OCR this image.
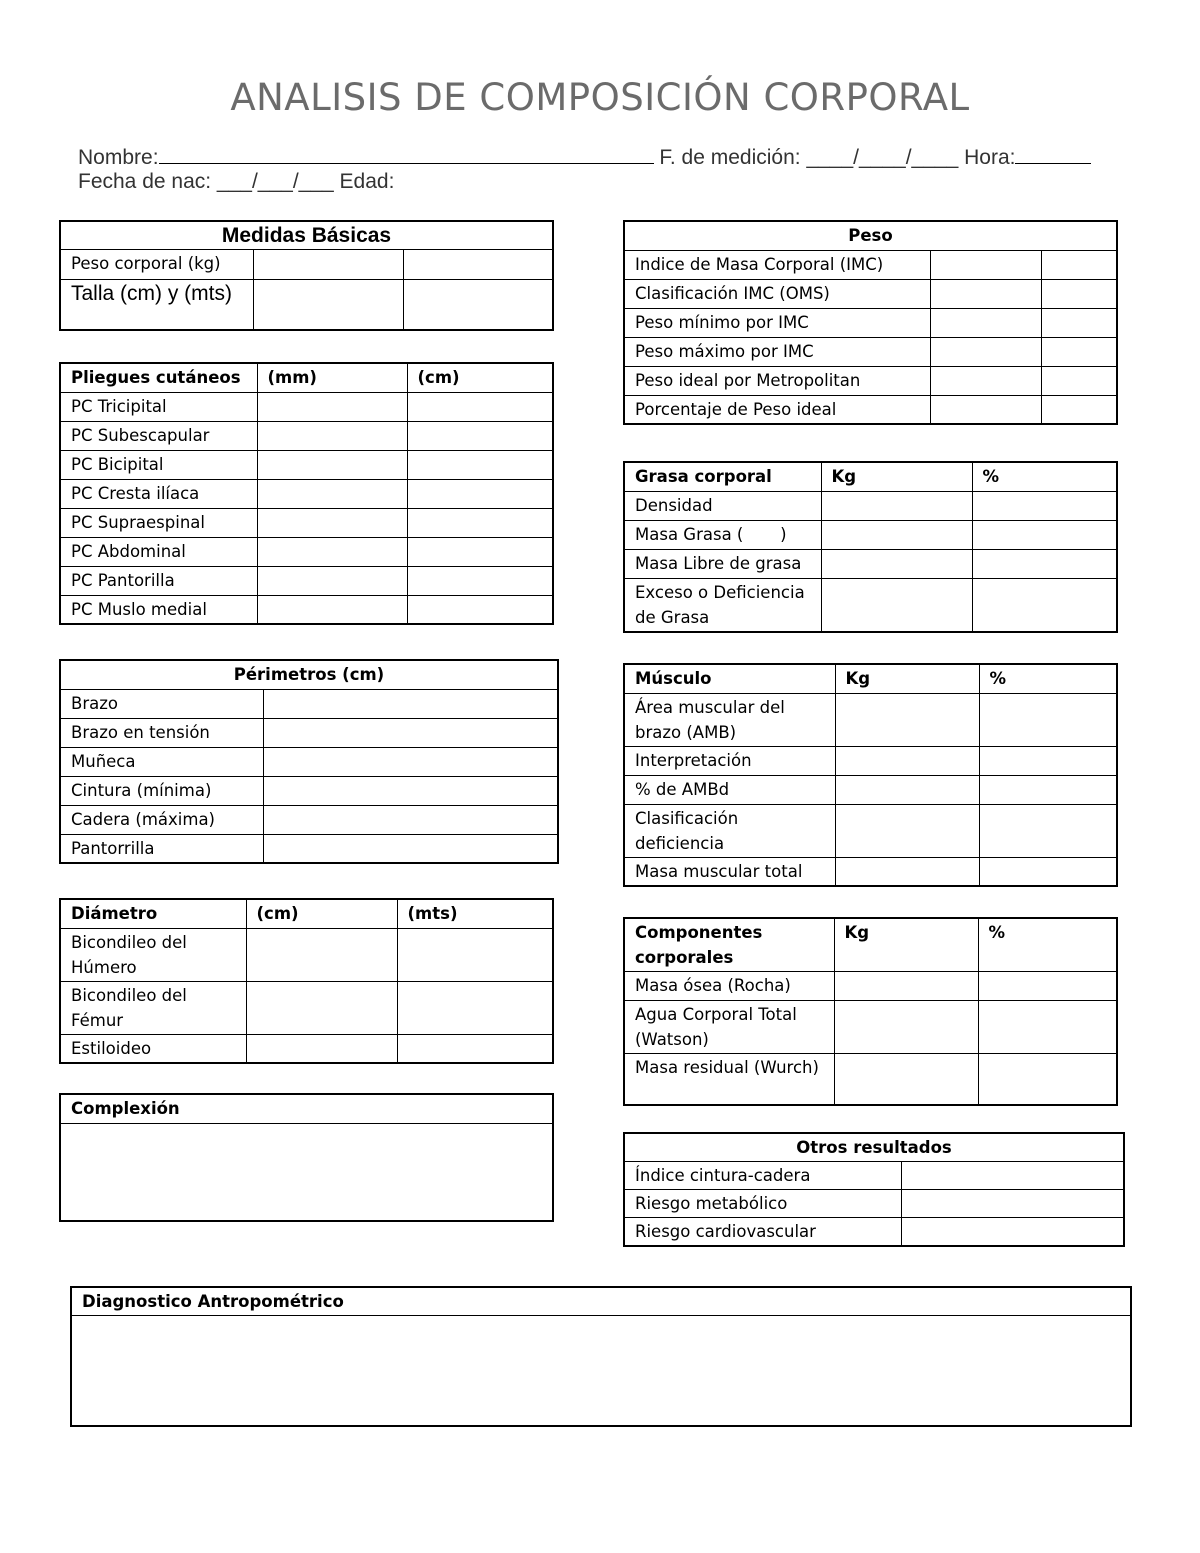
ANALISIS DE COMPOSICIÓN CORPORAL
Nombre:	F. de medición: ____/____/____ Hora:
Fecha de nac: ___/___/___ Edad:
Medidas Básicas		
Peso corporal (kg)		
Talla (cm) y (mts)		
Pliegues cutáneos	(mm)	(cm)
PC Tricipital		
PC Subescapular		
PC Bicipital		
PC Cresta ilíaca		
PC Supraespinal		
PC Abdominal		
PC Pantorilla		
PC Muslo medial		
Périmetros (cm)	
Brazo	
Brazo en tensión	
Muñeca	
Cintura (mínima)	
Cadera (máxima)	
Pantorrilla	
Diámetro	(cm)	(mts)
Bicondileo del Húmero		
Bicondileo del Fémur		
Estiloideo		
Complexión

Peso		
Indice de Masa Corporal (IMC)		
Clasificación IMC (OMS)		
Peso mínimo por IMC		
Peso máximo por IMC		
Peso ideal por Metropolitan		
Porcentaje de Peso ideal		
Grasa corporal	Kg	%
Densidad		
Masa Grasa (       )		
Masa Libre de grasa		
Exceso o Deficiencia de Grasa		
Músculo	Kg	%
Área muscular del brazo (AMB)		
Interpretación		
% de AMBd		
Clasificación deficiencia		
Masa muscular total		
Componentes corporales	Kg	%
Masa ósea (Rocha)		
Agua Corporal Total (Watson)		
Masa residual (Wurch)		
Otros resultados	
Índice cintura-cadera	
Riesgo metabólico	
Riesgo cardiovascular	
Diagnostico Antropométrico
